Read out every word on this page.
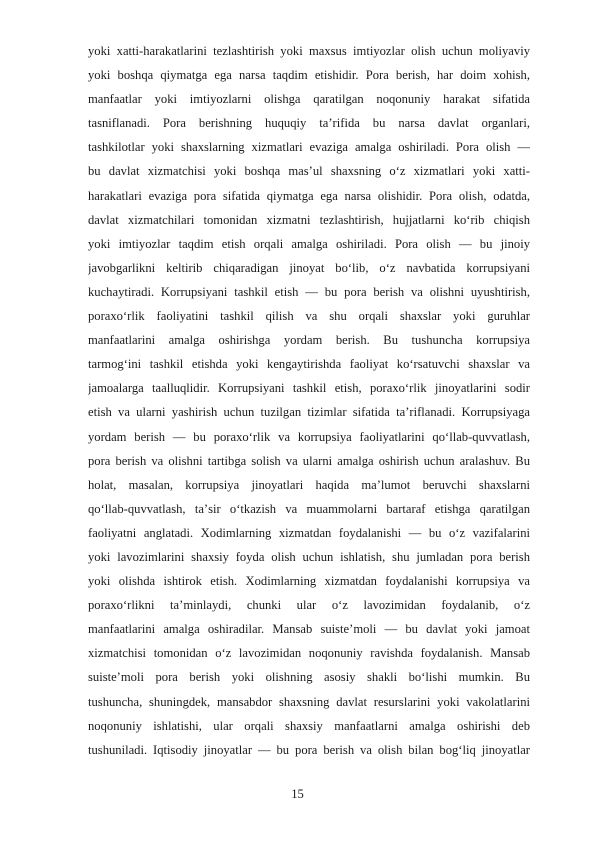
yoki xatti-harakatlarini tezlashtirish yoki maxsus imtiyozlar olish uchun moliyaviy
yoki boshqa qiymatga ega narsa taqdim etishidir. Pora berish, har doim xohish,
manfaatlar yoki imtiyozlarni olishga qaratilgan noqonuniy harakat sifatida
tasniflanadi. Pora berishning huquqiy taʼrifida bu narsa davlat organlari,
tashkilotlar yoki shaxslarning xizmatlari evaziga amalga oshiriladi. Pora olish —
bu davlat xizmatchisi yoki boshqa masʼul shaxsning oʻz xizmatlari yoki xatti-
harakatlari evaziga pora sifatida qiymatga ega narsa olishidir. Pora olish, odatda,
davlat xizmatchilari tomonidan xizmatni tezlashtirish, hujjatlarni koʻrib chiqish
yoki imtiyozlar taqdim etish orqali amalga oshiriladi. Pora olish — bu jinoiy
javobgarlikni keltirib chiqaradigan jinoyat boʻlib, oʻz navbatida korrupsiyani
kuchaytiradi. Korrupsiyani tashkil etish — bu pora berish va olishni uyushtirish,
poraxoʻrlik faoliyatini tashkil qilish va shu orqali shaxslar yoki guruhlar
manfaatlarini amalga oshirishga yordam berish. Bu tushuncha korrupsiya
tarmogʻini tashkil etishda yoki kengaytirishda faoliyat koʻrsatuvchi shaxslar va
jamoalarga taalluqlidir. Korrupsiyani tashkil etish, poraxoʻrlik jinoyatlarini sodir
etish va ularni yashirish uchun tuzilgan tizimlar sifatida taʼriflanadi. Korrupsiyaga
yordam berish — bu poraxoʻrlik va korrupsiya faoliyatlarini qoʻllab-quvvatlash,
pora berish va olishni tartibga solish va ularni amalga oshirish uchun aralashuv. Bu
holat, masalan, korrupsiya jinoyatlari haqida maʼlumot beruvchi shaxslarni
qoʻllab-quvvatlash, taʼsir oʻtkazish va muammolarni bartaraf etishga qaratilgan
faoliyatni anglatadi. Xodimlarning xizmatdan foydalanishi — bu oʻz vazifalarini
yoki lavozimlarini shaxsiy foyda olish uchun ishlatish, shu jumladan pora berish
yoki olishda ishtirok etish. Xodimlarning xizmatdan foydalanishi korrupsiya va
poraxoʻrlikni taʼminlaydi, chunki ular oʻz lavozimidan foydalanib, oʻz
manfaatlarini amalga oshiradilar. Mansab suisteʼmoli — bu davlat yoki jamoat
xizmatchisi tomonidan oʻz lavozimidan noqonuniy ravishda foydalanish. Mansab
suisteʼmoli pora berish yoki olishning asosiy shakli boʻlishi mumkin. Bu
tushuncha, shuningdek, mansabdor shaxsning davlat resurslarini yoki vakolatlarini
noqonuniy ishlatishi, ular orqali shaxsiy manfaatlarni amalga oshirishi deb
tushuniladi. Iqtisodiy jinoyatlar — bu pora berish va olish bilan bogʻliq jinoyatlar
15
